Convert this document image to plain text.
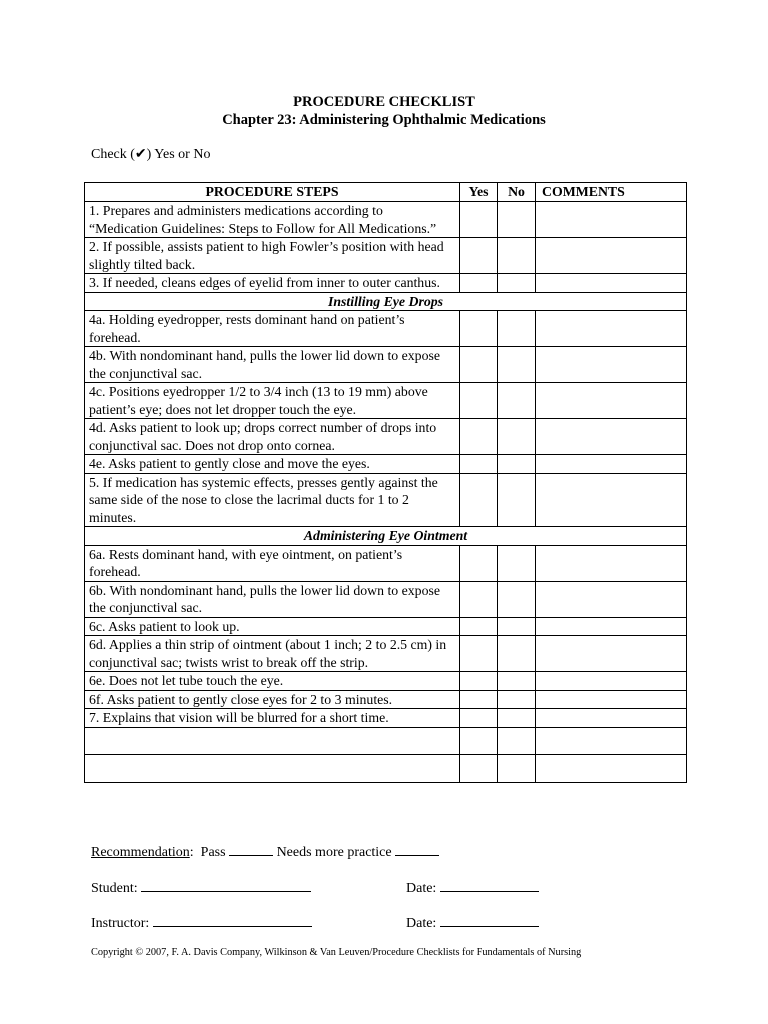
PROCEDURE CHECKLIST
Chapter 23: Administering Ophthalmic Medications
Check (✔) Yes or No
PROCEDURE STEPS	Yes	No	COMMENTS
1. Prepares and administers medications according to “Medication Guidelines: Steps to Follow for All Medications.”			
2. If possible, assists patient to high Fowler’s position with head slightly tilted back.			
3. If needed, cleans edges of eyelid from inner to outer canthus.			
Instilling Eye Drops			
4a. Holding eyedropper, rests dominant hand on patient’s forehead.			
4b. With nondominant hand, pulls the lower lid down to expose the conjunctival sac.			
4c. Positions eyedropper 1/2 to 3/4 inch (13 to 19 mm) above patient’s eye; does not let dropper touch the eye.			
4d. Asks patient to look up; drops correct number of drops into conjunctival sac. Does not drop onto cornea.			
4e. Asks patient to gently close and move the eyes.			
5. If medication has systemic effects, presses gently against the same side of the nose to close the lacrimal ducts for 1 to 2 minutes.			
Administering Eye Ointment			
6a. Rests dominant hand, with eye ointment, on patient’s forehead.			
6b. With nondominant hand, pulls the lower lid down to expose the conjunctival sac.			
6c. Asks patient to look up.			
6d. Applies a thin strip of ointment (about 1 inch; 2 to 2.5 cm) in conjunctival sac; twists wrist to break off the strip.			
6e. Does not let tube touch the eye.			
6f. Asks patient to gently close eyes for 2 to 3 minutes.			
7. Explains that vision will be blurred for a short time.			

Recommendation: Pass	Needs more practice
Student:	Date:
Instructor:	Date:
Copyright © 2007, F. A. Davis Company, Wilkinson & Van Leuven/Procedure Checklists for Fundamentals of Nursing
